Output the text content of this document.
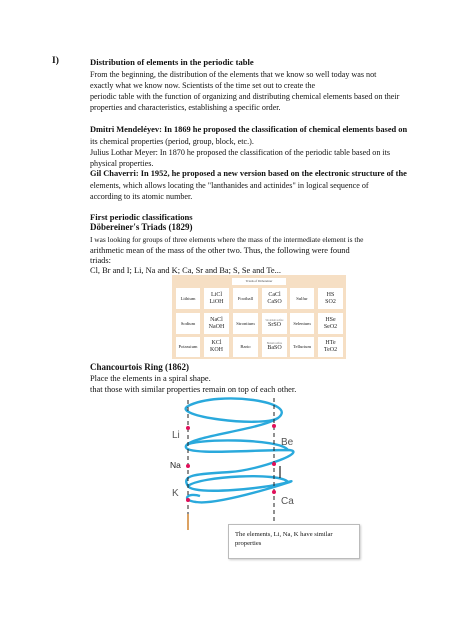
I)	Distribution of elements in the periodic table
From the beginning, the distribution of the elements that we know so well today was not
exactly what we know now. Scientists of the time set out to create the
periodic table with the function of organizing and distributing chemical elements based on their
properties and characteristics, establishing a specific order.
Dmitri Mendeléyev: In 1869 he proposed the classification of chemical elements based on
its chemical properties (period, group, block, etc.).
Julius Lothar Meyer: In 1870 he proposed the classification of the periodic table based on its
physical properties.
Gil Chaverri: In 1952, he proposed a new version based on the electronic structure of the
elements, which allows locating the "lanthanides and actinides" in logical sequence of
according to its atomic number.
First periodic classifications
Döbereiner's Triads (1829)
I was looking for groups of three elements where the mass of the intermediate element is the
arithmetic mean of the mass of the other two. Thus, the following were found
triads:
Cl, Br and I; Li, Na and K; Ca, Sr and Ba; S, Se and Te...
Triads of Döbereiner
Lithium
LiCl
LiOH
Football
CaCl
CaSO
Sulfur
HS
SO2
Sodium
NaCl
NaOH
Strontium
Strontium sulfate
SrSO	Selenium
HSe
SeO2
Potassium
KCl
KOH
Bario
Barium sulfate
BaSO Tellurium
HTe
TeO2
Chancourtois Ring (1862)
Place the elements in a spiral shape.
that those with similar properties remain on top of each other.
Li
Na
K
Be
Ca
The elements, Li, Na, K have similar properties
